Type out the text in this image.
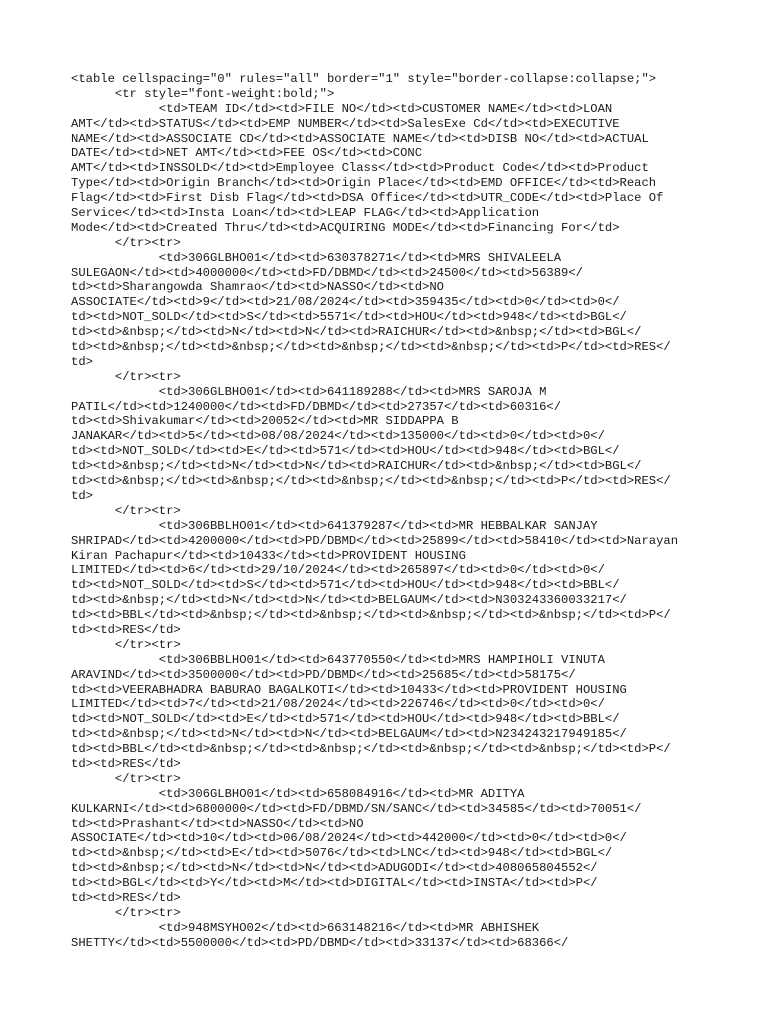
<table cellspacing="0" rules="all" border="1" style="border-collapse:collapse;">
<tr style="font-weight:bold;">
<td>TEAM ID</td><td>FILE NO</td><td>CUSTOMER NAME</td><td>LOAN
AMT</td><td>STATUS</td><td>EMP NUMBER</td><td>SalesExe Cd</td><td>EXECUTIVE
NAME</td><td>ASSOCIATE CD</td><td>ASSOCIATE NAME</td><td>DISB NO</td><td>ACTUAL
DATE</td><td>NET AMT</td><td>FEE OS</td><td>CONC
AMT</td><td>INSSOLD</td><td>Employee Class</td><td>Product Code</td><td>Product
Type</td><td>Origin Branch</td><td>Origin Place</td><td>EMD OFFICE</td><td>Reach
Flag</td><td>First Disb Flag</td><td>DSA Office</td><td>UTR_CODE</td><td>Place Of
Service</td><td>Insta Loan</td><td>LEAP FLAG</td><td>Application
Mode</td><td>Created Thru</td><td>ACQUIRING MODE</td><td>Financing For</td>
</tr><tr>
<td>306GLBHO01</td><td>630378271</td><td>MRS SHIVALEELA
SULEGAON</td><td>4000000</td><td>FD/DBMD</td><td>24500</td><td>56389</
td><td>Sharangowda Shamrao</td><td>NASSO</td><td>NO
ASSOCIATE</td><td>9</td><td>21/08/2024</td><td>359435</td><td>0</td><td>0</
td><td>NOT_SOLD</td><td>S</td><td>5571</td><td>HOU</td><td>948</td><td>BGL</
td><td>&nbsp;</td><td>N</td><td>N</td><td>RAICHUR</td><td>&nbsp;</td><td>BGL</
td><td>&nbsp;</td><td>&nbsp;</td><td>&nbsp;</td><td>&nbsp;</td><td>P</td><td>RES</
td>
</tr><tr>
<td>306GLBHO01</td><td>641189288</td><td>MRS SAROJA M
PATIL</td><td>1240000</td><td>FD/DBMD</td><td>27357</td><td>60316</
td><td>Shivakumar</td><td>20052</td><td>MR SIDDAPPA B
JANAKAR</td><td>5</td><td>08/08/2024</td><td>135000</td><td>0</td><td>0</
td><td>NOT_SOLD</td><td>E</td><td>571</td><td>HOU</td><td>948</td><td>BGL</
td><td>&nbsp;</td><td>N</td><td>N</td><td>RAICHUR</td><td>&nbsp;</td><td>BGL</
td><td>&nbsp;</td><td>&nbsp;</td><td>&nbsp;</td><td>&nbsp;</td><td>P</td><td>RES</
td>
</tr><tr>
<td>306BBLHO01</td><td>641379287</td><td>MR HEBBALKAR SANJAY
SHRIPAD</td><td>4200000</td><td>PD/DBMD</td><td>25899</td><td>58410</td><td>Narayan
Kiran Pachapur</td><td>10433</td><td>PROVIDENT HOUSING
LIMITED</td><td>6</td><td>29/10/2024</td><td>265897</td><td>0</td><td>0</
td><td>NOT_SOLD</td><td>S</td><td>571</td><td>HOU</td><td>948</td><td>BBL</
td><td>&nbsp;</td><td>N</td><td>N</td><td>BELGAUM</td><td>N303243360033217</
td><td>BBL</td><td>&nbsp;</td><td>&nbsp;</td><td>&nbsp;</td><td>&nbsp;</td><td>P</
td><td>RES</td>
</tr><tr>
<td>306BBLHO01</td><td>643770550</td><td>MRS HAMPIHOLI VINUTA
ARAVIND</td><td>3500000</td><td>PD/DBMD</td><td>25685</td><td>58175</
td><td>VEERABHADRA BABURAO BAGALKOTI</td><td>10433</td><td>PROVIDENT HOUSING
LIMITED</td><td>7</td><td>21/08/2024</td><td>226746</td><td>0</td><td>0</
td><td>NOT_SOLD</td><td>E</td><td>571</td><td>HOU</td><td>948</td><td>BBL</
td><td>&nbsp;</td><td>N</td><td>N</td><td>BELGAUM</td><td>N234243217949185</
td><td>BBL</td><td>&nbsp;</td><td>&nbsp;</td><td>&nbsp;</td><td>&nbsp;</td><td>P</
td><td>RES</td>
</tr><tr>
<td>306GLBHO01</td><td>658084916</td><td>MR ADITYA
KULKARNI</td><td>6800000</td><td>FD/DBMD/SN/SANC</td><td>34585</td><td>70051</
td><td>Prashant</td><td>NASSO</td><td>NO
ASSOCIATE</td><td>10</td><td>06/08/2024</td><td>442000</td><td>0</td><td>0</
td><td>&nbsp;</td><td>E</td><td>5076</td><td>LNC</td><td>948</td><td>BGL</
td><td>&nbsp;</td><td>N</td><td>N</td><td>ADUGODI</td><td>408065804552</
td><td>BGL</td><td>Y</td><td>M</td><td>DIGITAL</td><td>INSTA</td><td>P</
td><td>RES</td>
</tr><tr>
<td>948MSYHO02</td><td>663148216</td><td>MR ABHISHEK
SHETTY</td><td>5500000</td><td>PD/DBMD</td><td>33137</td><td>68366</
